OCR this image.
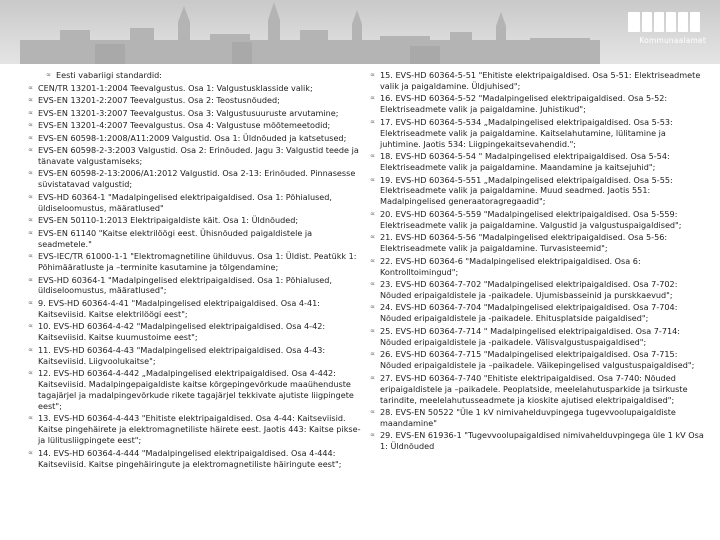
Kommunaalamet
∝ Eesti vabariigi standardid:
∝ CEN/TR 13201-1:2004 Teevalgustus. Osa 1: Valgustusklasside valik;
∝ EVS-EN 13201-2:2007 Teevalgustus. Osa 2: Teostusnõuded;
∝ EVS-EN 13201-3:2007 Teevalgustus. Osa 3: Valgustusuuruste arvutamine;
∝ EVS-EN 13201-4:2007 Teevalgustus. Osa 4: Valgustuse mõõtemeetodid;
∝ EVS-EN 60598-1:2008/A11:2009 Valgustid. Osa 1: Üldnõuded ja katsetused;
∝ EVS-EN 60598-2-3:2003 Valgustid. Osa 2: Erinõuded. Jagu 3: Valgustid teede ja tänavate valgustamiseks;
∝ EVS-EN 60598-2-13:2006/A1:2012 Valgustid. Osa 2-13: Erinõuded. Pinnasesse süvistatavad valgustid;
∝ EVS-HD 60364-1 "Madalpingelised elektripaigaldised. Osa 1: Põhialused, üldiseloomustus, määratlused"
∝ EVS-EN 50110-1:2013 Elektripaigaldiste käit. Osa 1: Üldnõuded;
∝ EVS-EN 61140 "Kaitse elektrilöögi eest. Ühisnõuded paigaldistele ja seadmetele."
∝ EVS-IEC/TR 61000-1-1 "Elektromagnetiline ühilduvus. Osa 1: Üldist. Peatükk 1: Põhimääratluste ja –terminite kasutamine ja tõlgendamine;
∝ EVS-HD 60364-1 "Madalpingelised elektripaigaldised. Osa 1: Põhialused, üldiseloomustus, määratlused";
∝ 9. EVS-HD 60364-4-41 "Madalpingelised elektripaigaldised. Osa 4-41: Kaitseviisid. Kaitse elektrilöögi eest";
∝ 10. EVS-HD 60364-4-42 "Madalpingelised elektripaigaldised. Osa 4-42: Kaitseviisid. Kaitse kuumustoime eest";
∝ 11. EVS-HD 60364-4-43 "Madalpingelised elektripaigaldised. Osa 4-43: Kaitseviisid. Liigvoolukaitse";
∝ 12. EVS-HD 60364-4-442 „Madalpingelised elektripaigaldised. Osa 4-442: Kaitseviisid. Madalpingepaigaldiste kaitse kõrgepingevõrkude maaühenduste tagajärjel ja madalpingevõrkude rikete tagajärjel tekkivate ajutiste liigpingete eest";
∝ 13. EVS-HD 60364-4-443 "Ehitiste elektripaigaldised. Osa 4-44: Kaitseviisid. Kaitse pingehäirete ja elektromagnetiliste häirete eest. Jaotis 443: Kaitse pikse- ja lülitusliigpingete eest";
∝ 14. EVS-HD 60364-4-444 "Madalpingelised elektripaigaldised. Osa 4-444: Kaitseviisid. Kaitse pingehäiringute ja elektromagnetiliste häiringute eest";
∝ 15. EVS-HD 60364-5-51 "Ehitiste elektripaigaldised. Osa 5-51: Elektriseadmete valik ja paigaldamine. Üldjuhised";
∝ 16. EVS-HD 60364-5-52 "Madalpingelised elektripaigaldised. Osa 5-52: Elektriseadmete valik ja paigaldamine. Juhistikud";
∝ 17. EVS-HD 60364-5-534 „Madalpingelised elektripaigaldised. Osa 5-53: Elektriseadmete valik ja paigaldamine. Kaitselahutamine, lülitamine ja juhtimine. Jaotis 534: Liigpingekaitsevahendid.";
∝ 18. EVS-HD 60364-5-54 " Madalpingelised elektripaigaldised. Osa 5-54: Elektriseadmete valik ja paigaldamine. Maandamine ja kaitsejuhid";
∝ 19. EVS-HD 60364-5-551 „Madalpingelised elektripaigaldised. Osa 5-55: Elektriseadmete valik ja paigaldamine. Muud seadmed. Jaotis 551: Madalpingelised generaatoragregaadid";
∝ 20. EVS-HD 60364-5-559 "Madalpingelised elektripaigaldised. Osa 5-559: Elektriseadmete valik ja paigaldamine. Valgustid ja valgustuspaigaldised";
∝ 21. EVS-HD 60364-5-56 "Madalpingelised elektripaigaldised. Osa 5-56: Elektriseadmete valik ja paigaldamine. Turvasisteemid";
∝ 22. EVS-HD 60364-6 "Madalpingelised elektripaigaldised. Osa 6: Kontrolltoimingud";
∝ 23. EVS-HD 60364-7-702 "Madalpingelised elektripaigaldised. Osa 7-702: Nõuded eripaigaldistele ja -paikadele. Ujumisbasseinid ja purskkaevud";
∝ 24. EVS-HD 60364-7-704 "Madalpingelised elektripaigaldised. Osa 7-704: Nõuded eripaigaldistele ja -paikadele. Ehitusplatside paigaldised";
∝ 25. EVS-HD 60364-7-714 " Madalpingelised elektripaigaldised. Osa 7-714: Nõuded eripaigaldistele ja -paikadele. Välisvalgustuspaigaldised";
∝ 26. EVS-HD 60364-7-715 "Madalpingelised elektripaigaldised. Osa 7-715: Nõuded eripaigaldistele ja –paikadele. Väikepingelised valgustuspaigaldised";
∝ 27. EVS-HD 60364-7-740 "Ehitiste elektripaigaldised. Osa 7-740: Nõuded eripaigaldistele ja –paikadele. Peoplatside, meelelahutusparkide ja tsirkuste tarindite, meelelahutusseadmete ja kioskite ajutised elektripaigaldised";
∝ 28. EVS-EN 50522 "Üle 1 kV nimivahelduvpingega tugevvoolupaigaldiste maandamine"
∝ 29. EVS-EN 61936-1 "Tugevvoolupaigaldised nimivahelduvpingega üle 1 kV Osa 1: Üldnõuded
